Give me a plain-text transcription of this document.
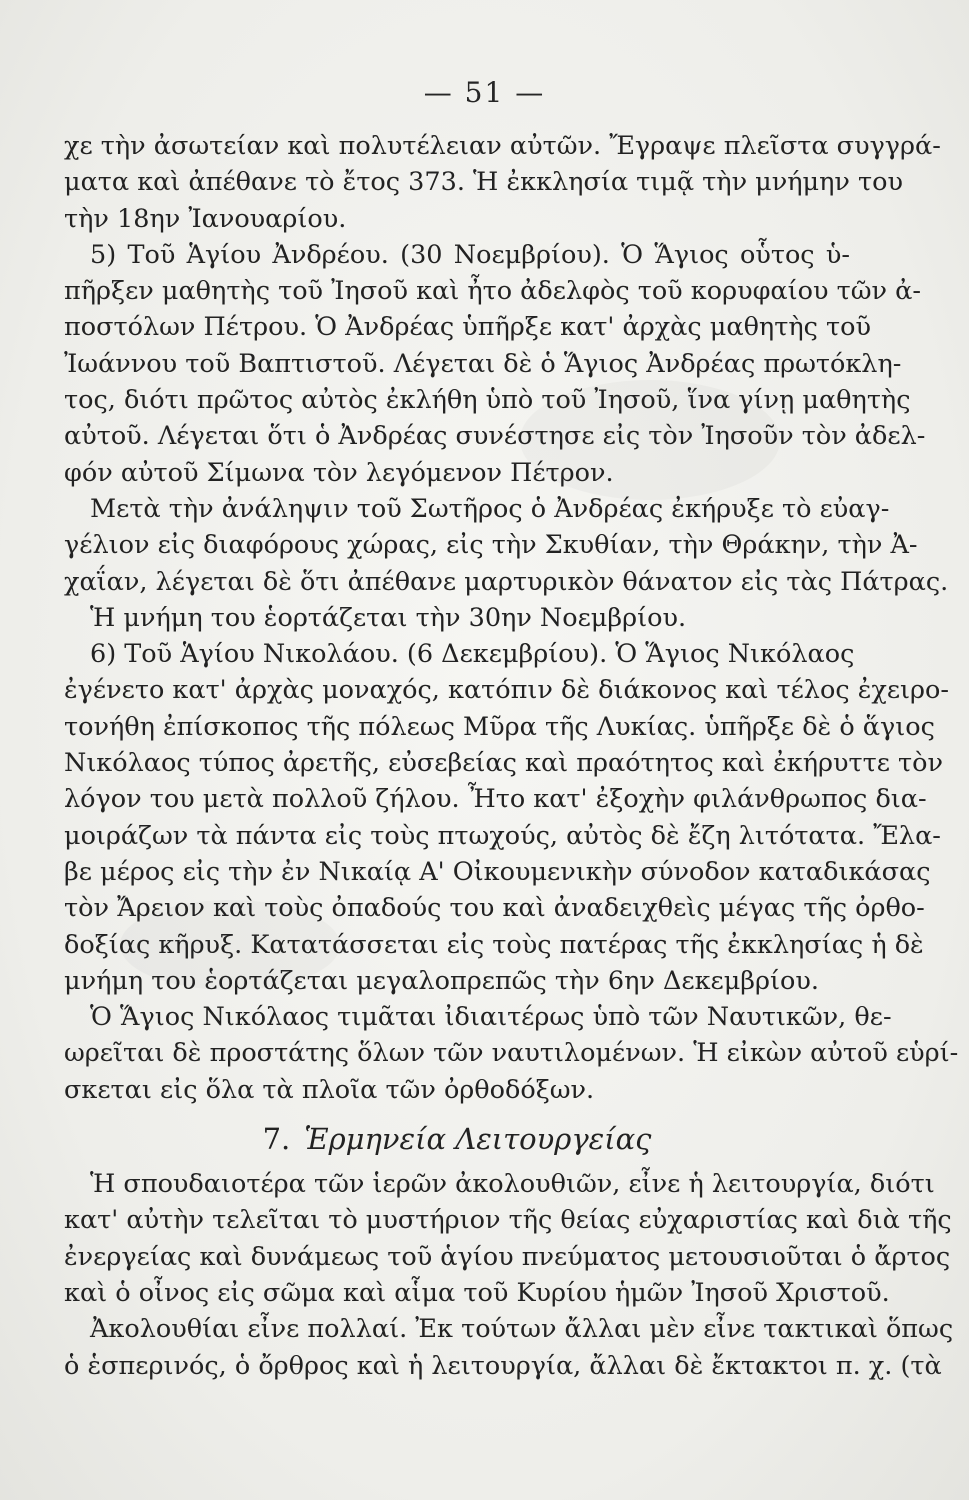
— 51 —
χε τὴν ἀσωτείαν καὶ πολυτέλειαν αὐτῶν. Ἔγραψε πλεῖστα συγγρά-
ματα καὶ ἀπέθανε τὸ ἔτος 373. Ἡ ἐκκλησία τιμᾷ τὴν μνήμην του
τὴν 18ην Ἰανουαρίου.
5) Τοῦ Ἁγίου Ἀνδρέου. (30 Νοεμβρίου). Ὁ Ἅγιος οὗτος ὑ-
πῆρξεν μαθητὴς τοῦ Ἰησοῦ καὶ ἦτο ἀδελφὸς τοῦ κορυφαίου τῶν ἀ-
ποστόλων Πέτρου. Ὁ Ἀνδρέας ὑπῆρξε κατ' ἀρχὰς μαθητὴς τοῦ
Ἰωάννου τοῦ Βαπτιστοῦ. Λέγεται δὲ ὁ Ἅγιος Ἀνδρέας πρωτόκλη-
τος, διότι πρῶτος αὐτὸς ἐκλήθη ὑπὸ τοῦ Ἰησοῦ, ἵνα γίνῃ μαθητὴς
αὐτοῦ. Λέγεται ὅτι ὁ Ἀνδρέας συνέστησε εἰς τὸν Ἰησοῦν τὸν ἀδελ-
φόν αὐτοῦ Σίμωνα τὸν λεγόμενον Πέτρον.
Μετὰ τὴν ἀνάληψιν τοῦ Σωτῆρος ὁ Ἀνδρέας ἐκήρυξε τὸ εὐαγ-
γέλιον εἰς διαφόρους χώρας, εἰς τὴν Σκυθίαν, τὴν Θράκην, τὴν Ἀ-
χαΐαν, λέγεται δὲ ὅτι ἀπέθανε μαρτυρικὸν θάνατον εἰς τὰς Πάτρας.
Ἡ μνήμη του ἑορτάζεται τὴν 30ην Νοεμβρίου.
6) Τοῦ Ἁγίου Νικολάου. (6 Δεκεμβρίου). Ὁ Ἅγιος Νικόλαος
ἐγένετο κατ' ἀρχὰς μοναχός, κατόπιν δὲ διάκονος καὶ τέλος ἐχειρο-
τονήθη ἐπίσκοπος τῆς πόλεως Μῦρα τῆς Λυκίας. ὑπῆρξε δὲ ὁ ἅγιος
Νικόλαος τύπος ἀρετῆς, εὐσεβείας καὶ πραότητος καὶ ἐκήρυττε τὸν
λόγον του μετὰ πολλοῦ ζήλου. Ἦτο κατ' ἐξοχὴν φιλάνθρωπος δια-
μοιράζων τὰ πάντα εἰς τοὺς πτωχούς, αὐτὸς δὲ ἔζη λιτότατα. Ἔλα-
βε μέρος εἰς τὴν ἐν Νικαίᾳ Α' Οἰκουμενικὴν σύνοδον καταδικάσας
τὸν Ἄρειον καὶ τοὺς ὀπαδούς του καὶ ἀναδειχθεὶς μέγας τῆς ὀρθο-
δοξίας κῆρυξ. Κατατάσσεται εἰς τοὺς πατέρας τῆς ἐκκλησίας ἡ δὲ
μνήμη του ἑορτάζεται μεγαλοπρεπῶς τὴν 6ην Δεκεμβρίου.
Ὁ Ἅγιος Νικόλαος τιμᾶται ἰδιαιτέρως ὑπὸ τῶν Ναυτικῶν, θε-
ωρεῖται δὲ προστάτης ὅλων τῶν ναυτιλομένων. Ἡ εἰκὼν αὐτοῦ εὑρί-
σκεται εἰς ὅλα τὰ πλοῖα τῶν ὀρθοδόξων.
7. Ἑρμηνεία Λειτουργείας
Ἡ σπουδαιοτέρα τῶν ἱερῶν ἀκολουθιῶν, εἶνε ἡ λειτουργία, διότι
κατ' αὐτὴν τελεῖται τὸ μυστήριον τῆς θείας εὐχαριστίας καὶ διὰ τῆς
ἐνεργείας καὶ δυνάμεως τοῦ ἁγίου πνεύματος μετουσιοῦται ὁ ἄρτος
καὶ ὁ οἶνος εἰς σῶμα καὶ αἷμα τοῦ Κυρίου ἡμῶν Ἰησοῦ Χριστοῦ.
Ἀκολουθίαι εἶνε πολλαί. Ἐκ τούτων ἄλλαι μὲν εἶνε τακτικαὶ ὅπως
ὁ ἑσπερινός, ὁ ὄρθρος καὶ ἡ λειτουργία, ἄλλαι δὲ ἔκτακτοι π. χ. (τὰ
